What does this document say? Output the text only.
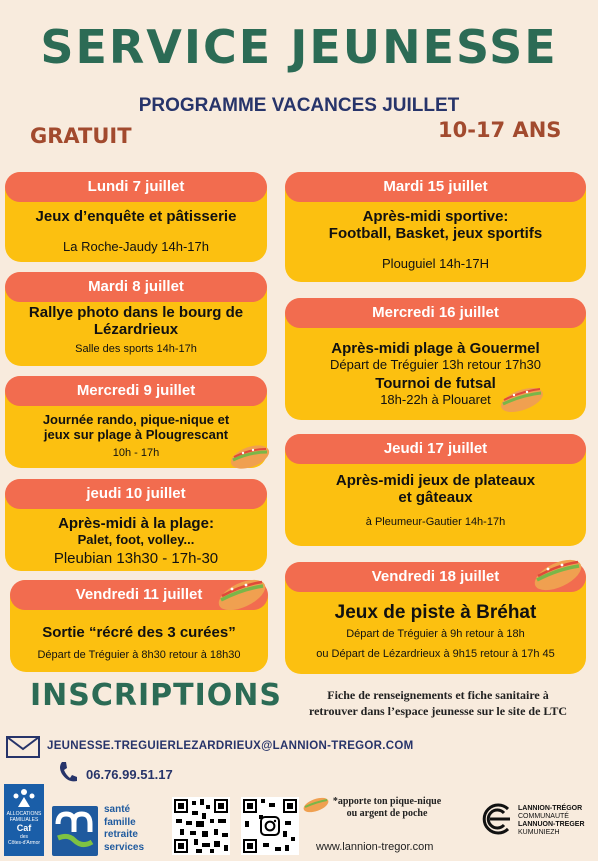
SERVICE JEUNESSE
PROGRAMME VACANCES JUILLET
GRATUIT	10-17 ANS
Lundi 7 juillet
Jeux d’enquête et pâtisserie
La Roche-Jaudy 14h-17h
Mardi 8 juillet
Rallye photo dans le bourg de
Lézardrieux
Salle des sports 14h-17h
Mercredi 9 juillet
Journée rando, pique-nique et
jeux sur plage à Plougrescant
10h - 17h
jeudi 10 juillet
Après-midi à la plage:
Palet, foot, volley...
Pleubian 13h30 - 17h-30
Vendredi 11 juillet
Sortie “récré des 3 curées”
Départ de Tréguier à 8h30 retour à 18h30
Mardi 15 juillet
Après-midi sportive:
Football, Basket, jeux sportifs
Plouguiel 14h-17H
Mercredi 16 juillet
Après-midi plage à Gouermel
Départ de Tréguier 13h retour 17h30
Tournoi de futsal
18h-22h à Plouaret
Jeudi 17 juillet
Après-midi jeux de plateaux
et gâteaux
à Pleumeur-Gautier 14h-17h
Vendredi 18 juillet
Jeux de piste à Bréhat
Départ de Tréguier à 9h retour à 18h
ou Départ de Lézardrieux à 9h15 retour à 17h 45
INSCRIPTIONS	Fiche de renseignements et fiche sanitaire à
retrouver dans l’espace jeunesse sur le site de LTC
JEUNESSE.TREGUIERLEZARDRIEUX@LANNION-TREGOR.COM
06.76.99.51.17
ALLOCATIONS
FAMILIALES
Caf
des
Côtes-d'Armor
santé
famille
retraite
services
*apporte ton pique-nique
ou argent de poche
www.lannion-tregor.com
LANNION-TRÉGOR
COMMUNAUTÉ
LANNUON-TREGER
KUMUNIEZH
